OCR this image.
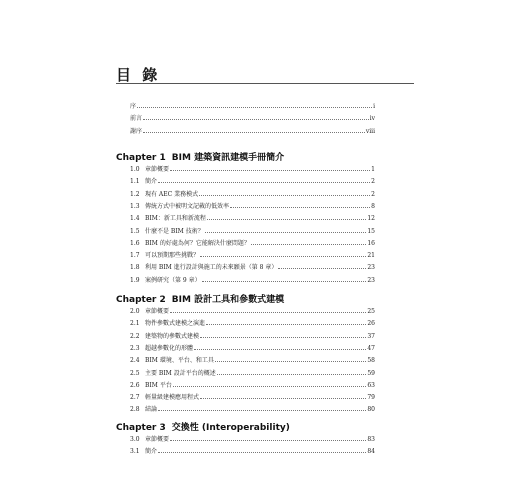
目 錄
序	i
前言	iv
謝序	viii
Chapter 1 BIM 建築資訊建模手冊簡介
1.0 章節概要	1
1.1 簡介	2
1.2 現有 AEC 業務模式	2
1.3 傳統方式中被明文記載的低效率	8
1.4 BIM：新工具和新流程	12
1.5 什麼不是 BIM 技術？	15
1.6 BIM 的好處為何？它能解決什麼問題？	16
1.7 可以預期那些挑戰？	21
1.8 利用 BIM 進行設計與施工的未來願景（第 8 章）	23
1.9 案例研究（第 9 章）	23
Chapter 2 BIM 設計工具和參數式建模
2.0 章節概要	25
2.1 物件參數式建模之演進	26
2.2 建築物的參數式建模	37
2.3 超越參數化的形體	47
2.4 BIM 環境、平台、和工具	58
2.5 主要 BIM 設計平台的概述	59
2.6 BIM 平台	63
2.7 輕量級建模應用程式	79
2.8 結論	80
Chapter 3 交換性 (Interoperability)
3.0 章節概要	83
3.1 簡介	84
